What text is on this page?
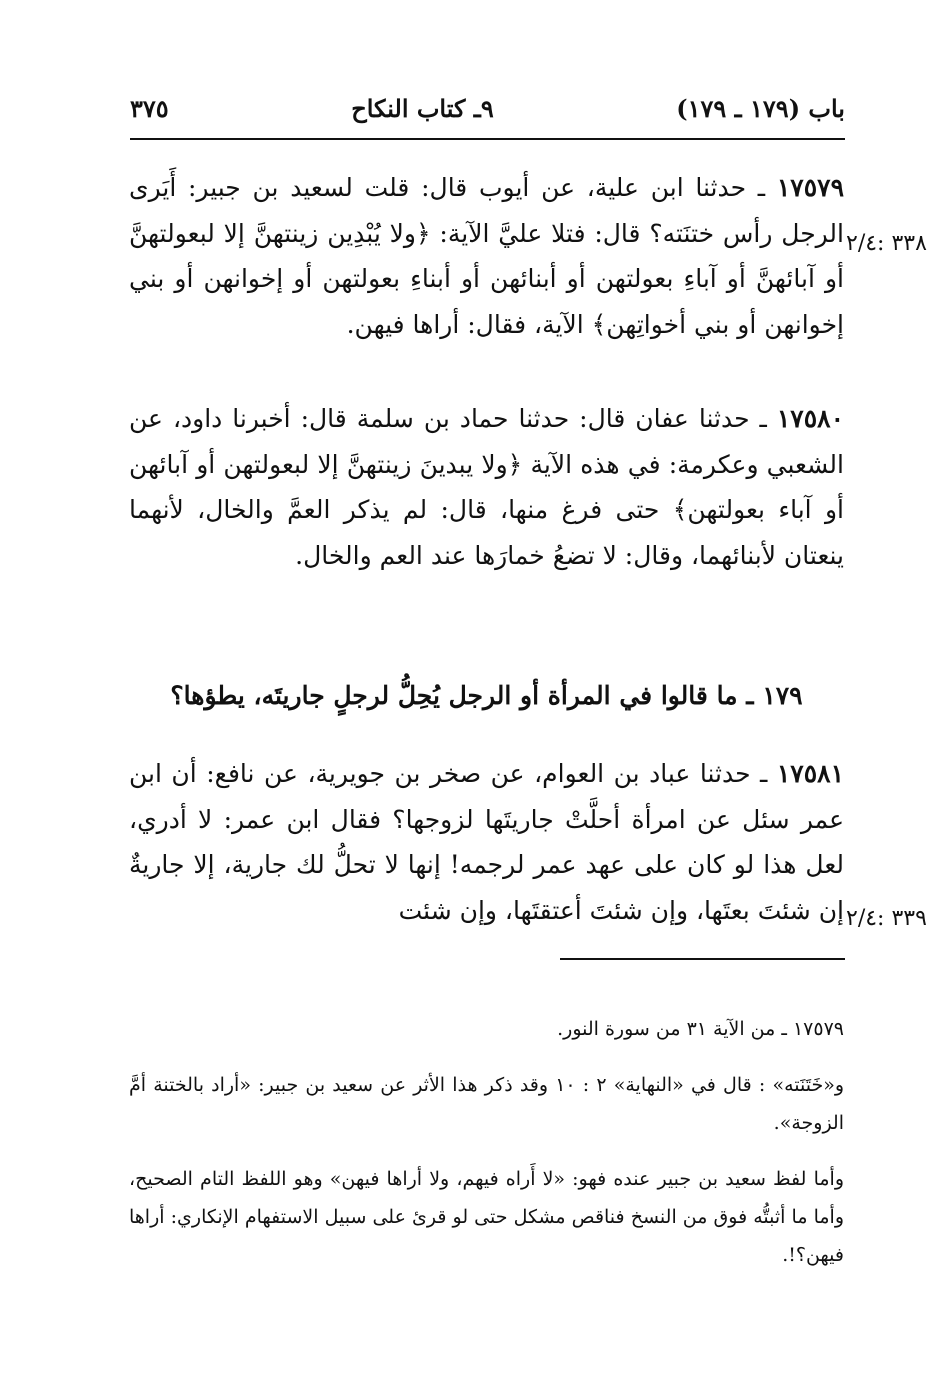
٣٧٥	٩ـ كتاب النكاح	باب (١٧٩ ـ ١٧٩)
٣٣٨ :٢/٤
٣٣٩ :٢/٤

١٧٥٧٩ ـ حدثنا ابن علية، عن أيوب قال: قلت لسعيد بن جبير: أَيَرى الرجل رأس ختنَته؟ قال: فتلا عليَّ الآية: ﴿ولا يُبْدِين زينتهنَّ إلا لبعولتهنَّ أو آبائهنَّ أو آباءِ بعولتهن أو أبنائهن أو أبناءِ بعولتهن أو إخوانهن أو بني إخوانهن أو بني أخواتِهن﴾ الآية، فقال: أراها فيهن.

١٧٥٨٠ ـ حدثنا عفان قال: حدثنا حماد بن سلمة قال: أخبرنا داود، عن الشعبي وعكرمة: في هذه الآية ﴿ولا يبدينَ زينتهنَّ إلا لبعولتهن أو آبائهن أو آباء بعولتهن﴾ حتى فرغ منها، قال: لم يذكر العمَّ والخال، لأنهما ينعتان لأبنائهما، وقال: لا تضعُ خمارَها عند العم والخال.

١٧٩ ـ ما قالوا في المرأة أو الرجل يُحِلُّ لرجلٍ جاريتَه، يطؤها؟

١٧٥٨١ ـ حدثنا عباد بن العوام، عن صخر بن جويرية، عن نافع: أن ابن عمر سئل عن امرأة أحلَّتْ جاريتَها لزوجها؟ فقال ابن عمر: لا أدري، لعل هذا لو كان على عهد عمر لرجمه! إنها لا تحلُّ لك جارية، إلا جاريةٌ إن شئتَ بعتَها، وإن شئتَ أعتقتَها، وإن شئت

١٧٥٧٩ ـ من الآية ٣١ من سورة النور.

و«خَتَنَته» : قال في «النهاية» ٢ : ١٠ وقد ذكر هذا الأثر عن سعيد بن جبير: «أراد بالختنة أمَّ الزوجة».

وأما لفظ سعيد بن جبير عنده فهو: «لا أَراه فيهم، ولا أراها فيهن» وهو اللفظ التام الصحيح، وأما ما أثبتُّه فوق من النسخ فناقص مشكل حتى لو قرئ على سبيل الاستفهام الإنكاري: أراها فيهن؟!.
